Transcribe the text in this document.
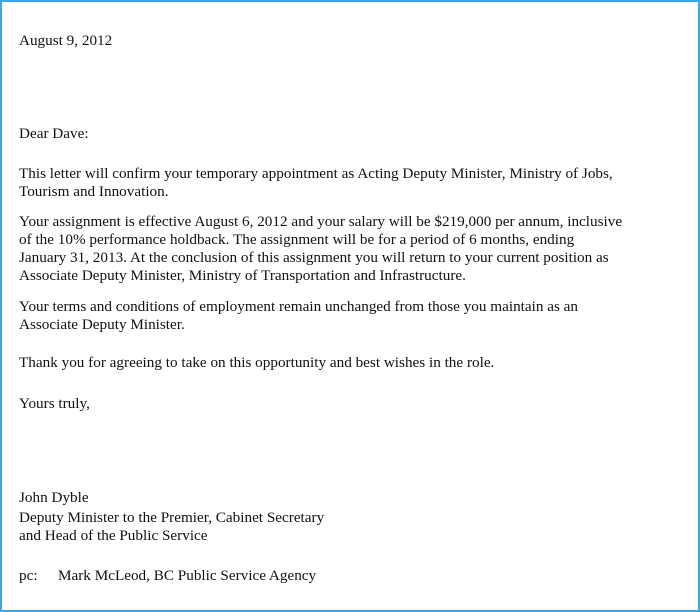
August 9, 2012
Dear Dave:
This letter will confirm your temporary appointment as Acting Deputy Minister, Ministry of Jobs,
Tourism and Innovation.
Your assignment is effective August 6, 2012 and your salary will be $219,000 per annum, inclusive
of the 10% performance holdback. The assignment will be for a period of 6 months, ending
January 31, 2013. At the conclusion of this assignment you will return to your current position as
Associate Deputy Minister, Ministry of Transportation and Infrastructure.
Your terms and conditions of employment remain unchanged from those you maintain as an
Associate Deputy Minister.
Thank you for agreeing to take on this opportunity and best wishes in the role.
Yours truly,
John Dyble
Deputy Minister to the Premier, Cabinet Secretary
and Head of the Public Service
pc: Mark McLeod, BC Public Service Agency
